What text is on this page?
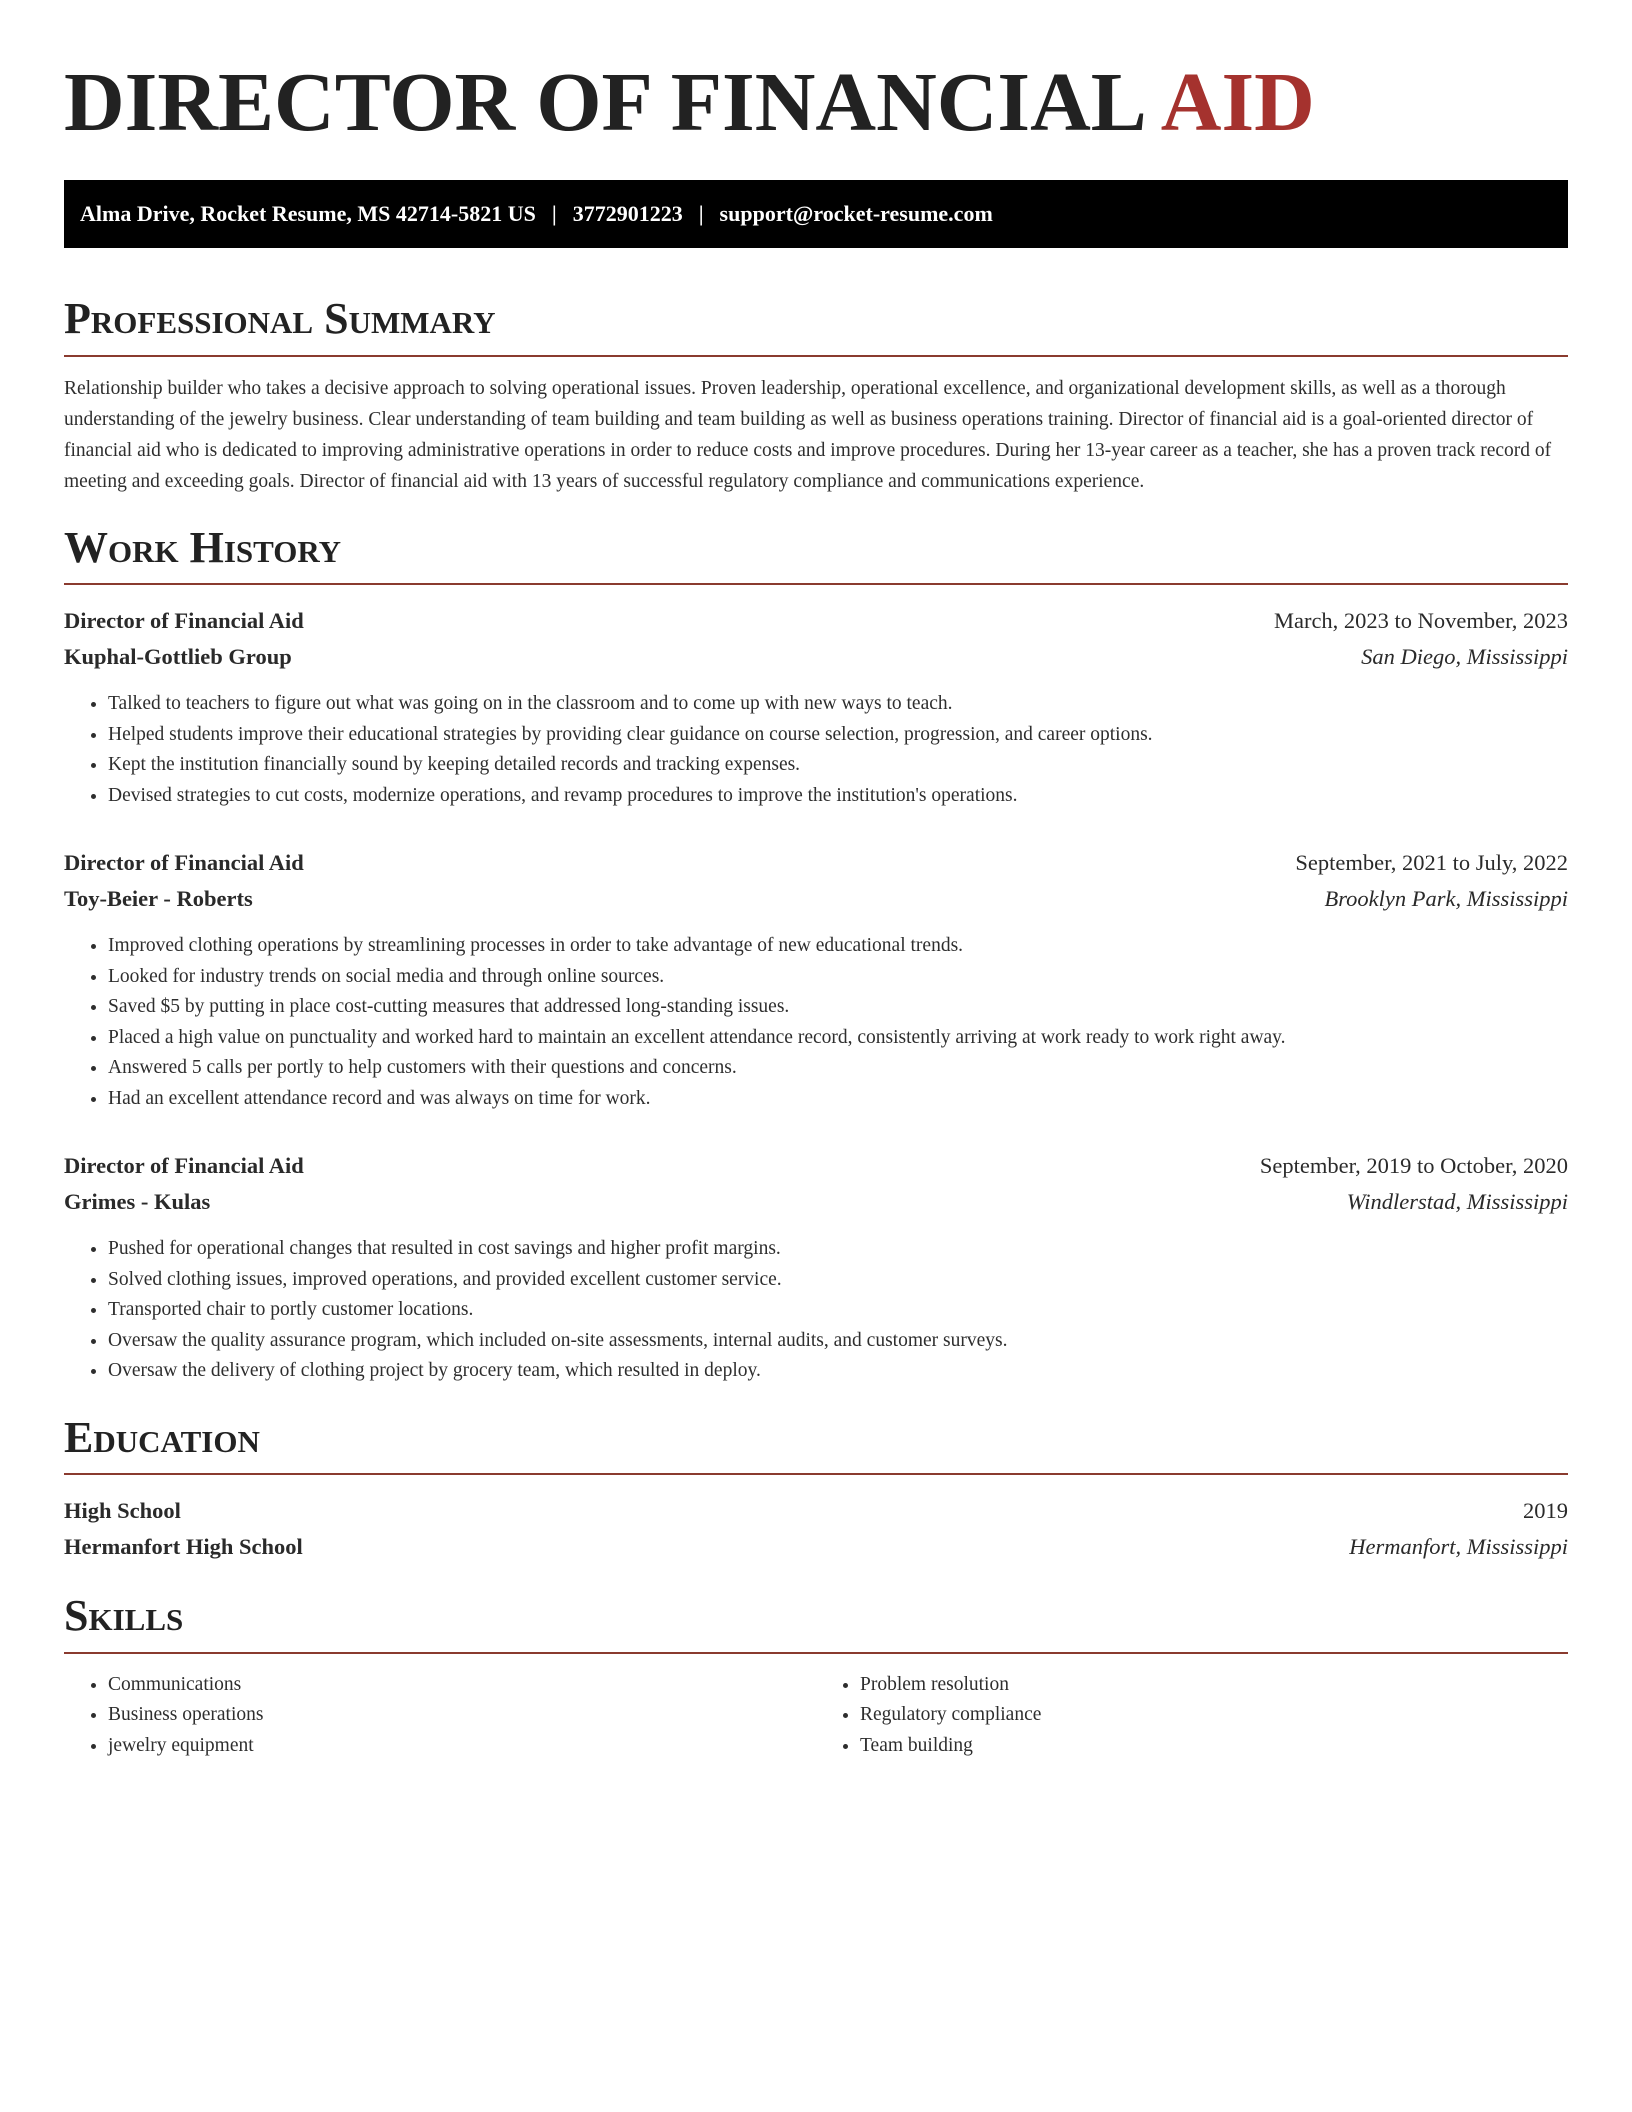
DIRECTOR OF FINANCIAL AID
Alma Drive, Rocket Resume, MS 42714-5821 US | 3772901223 | support@rocket-resume.com
Professional Summary

Relationship builder who takes a decisive approach to solving operational issues. Proven leadership, operational excellence, and organizational development skills, as well as a thorough understanding of the jewelry business. Clear understanding of team building and team building as well as business operations training. Director of financial aid is a goal-oriented director of financial aid who is dedicated to improving administrative operations in order to reduce costs and improve procedures. During her 13-year career as a teacher, she has a proven track record of meeting and exceeding goals. Director of financial aid with 13 years of successful regulatory compliance and communications experience.

Work History
Director of Financial Aid	March, 2023 to November, 2023
Kuphal-Gottlieb Group	San Diego, Mississippi
• Talked to teachers to figure out what was going on in the classroom and to come up with new ways to teach.
• Helped students improve their educational strategies by providing clear guidance on course selection, progression, and career options.
• Kept the institution financially sound by keeping detailed records and tracking expenses.
• Devised strategies to cut costs, modernize operations, and revamp procedures to improve the institution's operations.
Director of Financial Aid	September, 2021 to July, 2022
Toy-Beier - Roberts	Brooklyn Park, Mississippi
• Improved clothing operations by streamlining processes in order to take advantage of new educational trends.
• Looked for industry trends on social media and through online sources.
• Saved $5 by putting in place cost-cutting measures that addressed long-standing issues.
• Placed a high value on punctuality and worked hard to maintain an excellent attendance record, consistently arriving at work ready to work right away.
• Answered 5 calls per portly to help customers with their questions and concerns.
• Had an excellent attendance record and was always on time for work.
Director of Financial Aid	September, 2019 to October, 2020
Grimes - Kulas	Windlerstad, Mississippi
• Pushed for operational changes that resulted in cost savings and higher profit margins.
• Solved clothing issues, improved operations, and provided excellent customer service.
• Transported chair to portly customer locations.
• Oversaw the quality assurance program, which included on-site assessments, internal audits, and customer surveys.
• Oversaw the delivery of clothing project by grocery team, which resulted in deploy.
Education
High School	2019
Hermanfort High School	Hermanfort, Mississippi
Skills
• Communications
• Business operations
• jewelry equipment
• Problem resolution
• Regulatory compliance
• Team building
